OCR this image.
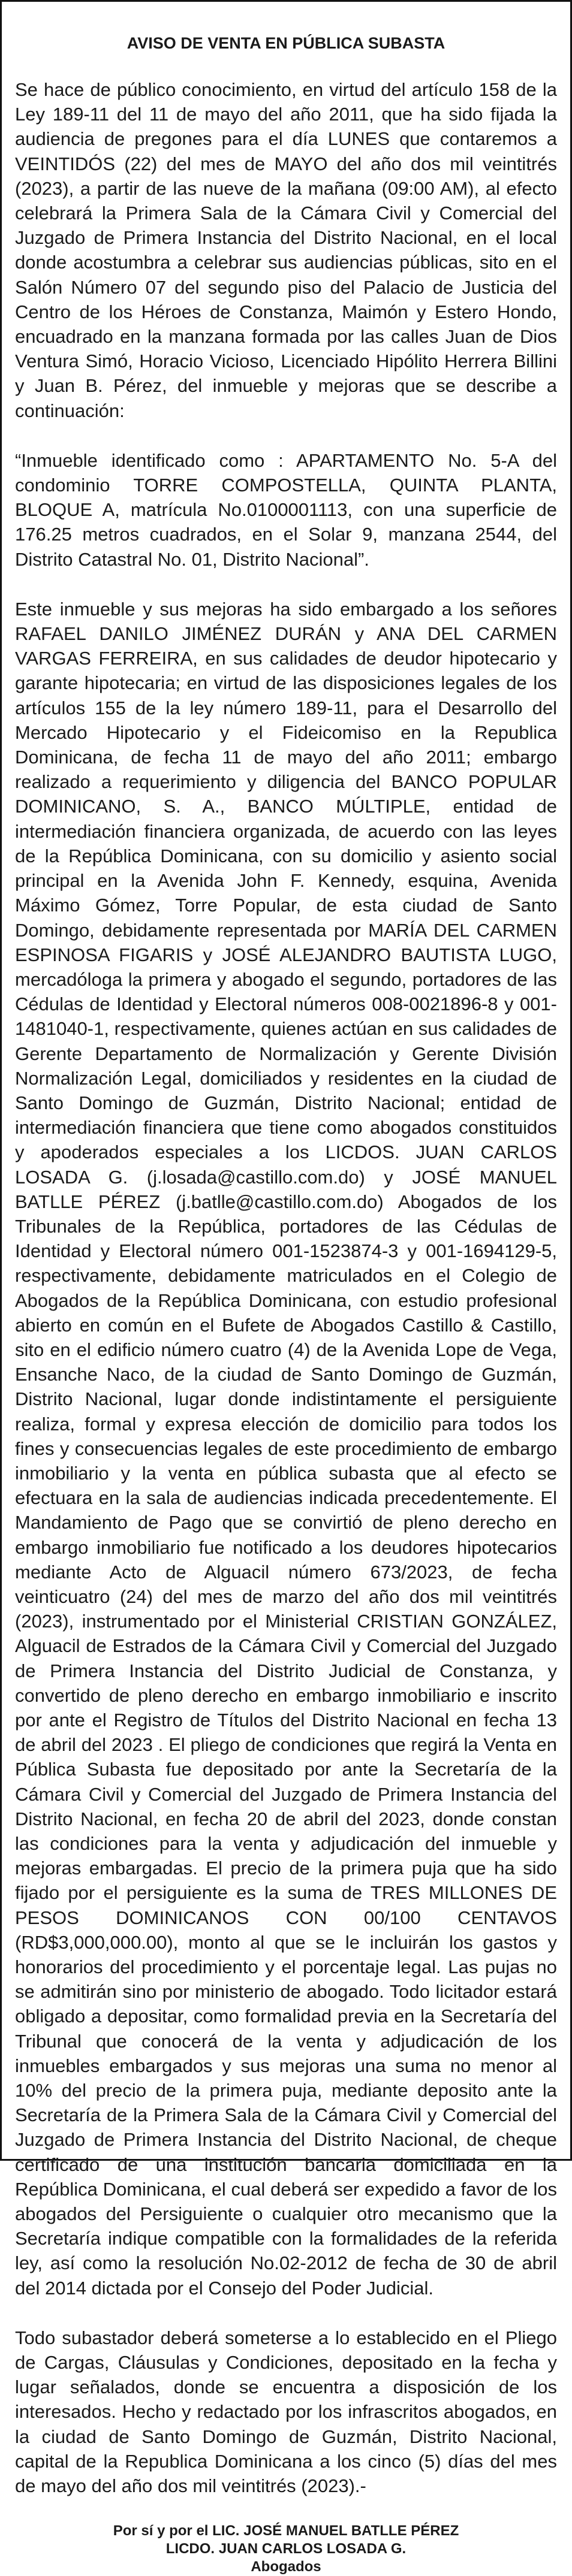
AVISO DE VENTA EN PÚBLICA SUBASTA

Se hace de público conocimiento, en virtud del artículo 158 de la Ley 189-11 del 11 de mayo del año 2011, que ha sido fijada la audiencia de pregones para el día LUNES que contaremos a VEINTIDÓS (22) del mes de MAYO del año dos mil veintitrés (2023), a partir de las nueve de la mañana (09:00 AM), al efecto celebrará la Primera Sala de la Cámara Civil y Comercial del Juzgado de Primera Instancia del Distrito Nacional, en el local donde acostumbra a celebrar sus audiencias públicas, sito en el Salón Número 07 del segundo piso del Palacio de Justicia del Centro de los Héroes de Constanza, Maimón y Estero Hondo, encuadrado en la manzana formada por las calles Juan de Dios Ventura Simó, Horacio Vicioso, Licenciado Hipólito Herrera Billini y Juan B. Pérez, del inmueble y mejoras que se describe a continuación:

“Inmueble identificado como : APARTAMENTO No. 5-A del condominio TORRE COMPOSTELLA, QUINTA PLANTA, BLOQUE A, matrícula No.0100001113, con una superficie de 176.25 metros cuadrados, en el Solar 9, manzana 2544, del Distrito Catastral No. 01, Distrito Nacional”.

Este inmueble y sus mejoras ha sido embargado a los señores RAFAEL DANILO JIMÉNEZ DURÁN y ANA DEL CARMEN VARGAS FERREIRA, en sus calidades de deudor hipotecario y garante hipotecaria; en virtud de las disposiciones legales de los artículos 155 de la ley número 189-11, para el Desarrollo del Mercado Hipotecario y el Fideicomiso en la Republica Dominicana, de fecha 11 de mayo del año 2011; embargo realizado a requerimiento y diligencia del BANCO POPULAR DOMINICANO, S. A., BANCO MÚLTIPLE, entidad de intermediación financiera organizada, de acuerdo con las leyes de la República Dominicana, con su domicilio y asiento social principal en la Avenida John F. Kennedy, esquina, Avenida Máximo Gómez, Torre Popular, de esta ciudad de Santo Domingo, debidamente representada por MARÍA DEL CARMEN ESPINOSA FIGARIS y JOSÉ ALEJANDRO BAUTISTA LUGO, mercadóloga la primera y abogado el segundo, portadores de las Cédulas de Identidad y Electoral números 008-0021896-8 y 001-1481040-1, respectivamente, quienes actúan en sus calidades de Gerente Departamento de Normalización y Gerente División Normalización Legal, domiciliados y residentes en la ciudad de Santo Domingo de Guzmán, Distrito Nacional; entidad de intermediación financiera que tiene como abogados constituidos y apoderados especiales a los LICDOS. JUAN CARLOS LOSADA G. (j.losada@castillo.com.do) y JOSÉ MANUEL BATLLE PÉREZ (j.batlle@castillo.com.do) Abogados de los Tribunales de la República, portadores de las Cédulas de Identidad y Electoral número 001-1523874-3 y 001-1694129-5, respectivamente, debidamente matriculados en el Colegio de Abogados de la República Dominicana, con estudio profesional abierto en común en el Bufete de Abogados Castillo & Castillo, sito en el edificio número cuatro (4) de la Avenida Lope de Vega, Ensanche Naco, de la ciudad de Santo Domingo de Guzmán, Distrito Nacional, lugar donde indistintamente el persiguiente realiza, formal y expresa elección de domicilio para todos los fines y consecuencias legales de este procedimiento de embargo inmobiliario y la venta en pública subasta que al efecto se efectuara en la sala de audiencias indicada precedentemente. El Mandamiento de Pago que se convirtió de pleno derecho en embargo inmobiliario fue notificado a los deudores hipotecarios mediante Acto de Alguacil número 673/2023, de fecha veinticuatro (24) del mes de marzo del año dos mil veintitrés (2023), instrumentado por el Ministerial CRISTIAN GONZÁLEZ, Alguacil de Estrados de la Cámara Civil y Comercial del Juzgado de Primera Instancia del Distrito Judicial de Constanza, y convertido de pleno derecho en embargo inmobiliario e inscrito por ante el Registro de Títulos del Distrito Nacional en fecha 13 de abril del 2023 . El pliego de condiciones que regirá la Venta en Pública Subasta fue depositado por ante la Secretaría de la Cámara Civil y Comercial del Juzgado de Primera Instancia del Distrito Nacional, en fecha 20 de abril del 2023, donde constan las condiciones para la venta y adjudicación del inmueble y mejoras embargadas. El precio de la primera puja que ha sido fijado por el persiguiente es la suma de TRES MILLONES DE PESOS DOMINICANOS CON 00/100 CENTAVOS (RD$3,000,000.00), monto al que se le incluirán los gastos y honorarios del procedimiento y el porcentaje legal. Las pujas no se admitirán sino por ministerio de abogado. Todo licitador estará obligado a depositar, como formalidad previa en la Secretaría del Tribunal que conocerá de la venta y adjudicación de los inmuebles embargados y sus mejoras una suma no menor al 10% del precio de la primera puja, mediante deposito ante la Secretaría de la Primera Sala de la Cámara Civil y Comercial del Juzgado de Primera Instancia del Distrito Nacional, de cheque certificado de una institución bancaria domiciliada en la República Dominicana, el cual deberá ser expedido a favor de los abogados del Persiguiente o cualquier otro mecanismo que la Secretaría indique compatible con la formalidades de la referida ley, así como la resolución No.02-2012 de fecha de 30 de abril del 2014 dictada por el Consejo del Poder Judicial.

Todo subastador deberá someterse a lo establecido en el Pliego de Cargas, Cláusulas y Condiciones, depositado en la fecha y lugar señalados, donde se encuentra a disposición de los interesados. Hecho y redactado por los infrascritos abogados, en la ciudad de Santo Domingo de Guzmán, Distrito Nacional, capital de la Republica Dominicana a los cinco (5) días del mes de mayo del año dos mil veintitrés (2023).-

Por sí y por el LIC. JOSÉ MANUEL BATLLE PÉREZ
LICDO. JUAN CARLOS LOSADA G.
Abogados
